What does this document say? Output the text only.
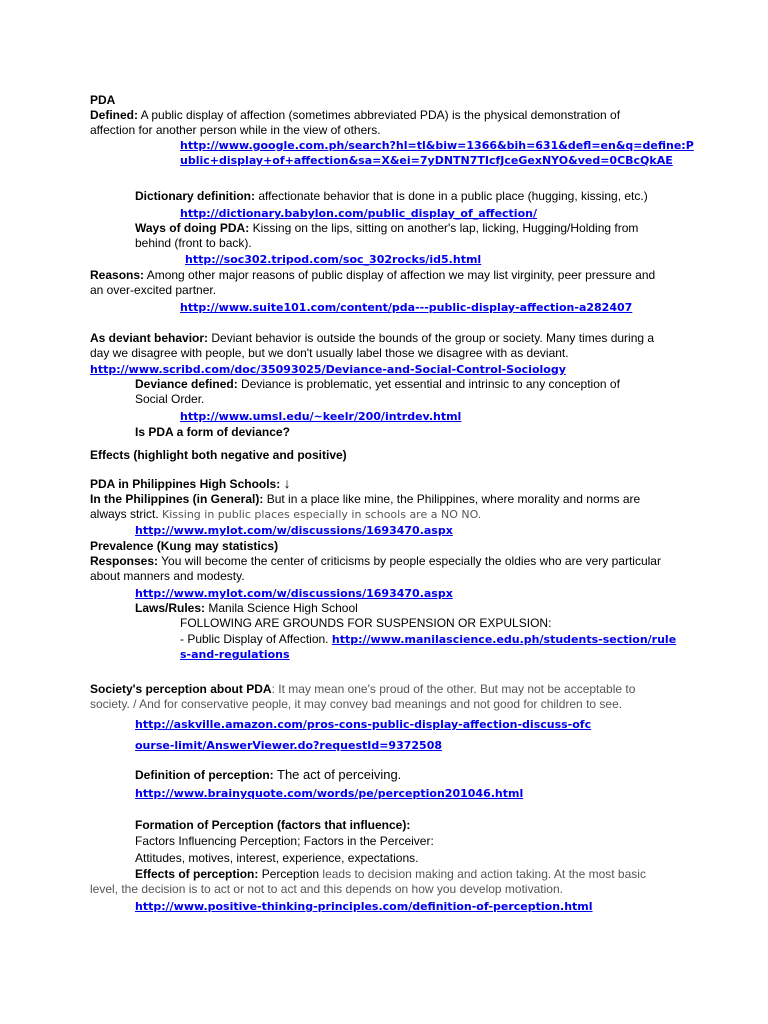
PDA

Defined: A public display of affection (sometimes abbreviated PDA) is the physical demonstration of affection for another person while in the view of others.

http://www.google.com.ph/search?hl=tl&biw=1366&bih=631&defl=en&q=define:Public+display+of+affection&sa=X&ei=7yDNTN7TIcfJceGexNYO&ved=0CBcQkAE

Dictionary definition: affectionate behavior that is done in a public place (hugging, kissing, etc.)

http://dictionary.babylon.com/public_display_of_affection/

Ways of doing PDA: Kissing on the lips, sitting on another's lap, licking, Hugging/Holding from behind (front to back).

http://soc302.tripod.com/soc_302rocks/id5.html

Reasons: Among other major reasons of public display of affection we may list virginity, peer pressure and an over-excited partner.

http://www.suite101.com/content/pda---public-display-affection-a282407

As deviant behavior: Deviant behavior is outside the bounds of the group or society. Many times during a day we disagree with people, but we don't usually label those we disagree with as deviant.

http://www.scribd.com/doc/35093025/Deviance-and-Social-Control-Sociology

Deviance defined: Deviance is problematic, yet essential and intrinsic to any conception of Social Order.

http://www.umsl.edu/~keelr/200/intrdev.html

Is PDA a form of deviance?

Effects (highlight both negative and positive)

PDA in Philippines High Schools: ↓

In the Philippines (in General): But in a place like mine, the Philippines, where morality and norms are always strict. Kissing in public places especially in schools are a NO NO.

http://www.mylot.com/w/discussions/1693470.aspx

Prevalence (Kung may statistics)

Responses: You will become the center of criticisms by people especially the oldies who are very particular about manners and modesty.

http://www.mylot.com/w/discussions/1693470.aspx

Laws/Rules: Manila Science High School

FOLLOWING ARE GROUNDS FOR SUSPENSION OR EXPULSION:

- Public Display of Affection. http://www.manilascience.edu.ph/students-section/rules-and-regulations

Society's perception about PDA: It may mean one's proud of the other. But may not be acceptable to society. / And for conservative people, it may convey bad meanings and not good for children to see.

http://askville.amazon.com/pros-cons-public-display-affection-discuss-ofcourse-limit/AnswerViewer.do?requestId=9372508

Definition of perception: The act of perceiving.

http://www.brainyquote.com/words/pe/perception201046.html

Formation of Perception (factors that influence):

Factors Influencing Perception; Factors in the Perceiver:

Attitudes, motives, interest, experience, expectations.

Effects of perception: Perception leads to decision making and action taking. At the most basic level, the decision is to act or not to act and this depends on how you develop motivation.

http://www.positive-thinking-principles.com/definition-of-perception.html
